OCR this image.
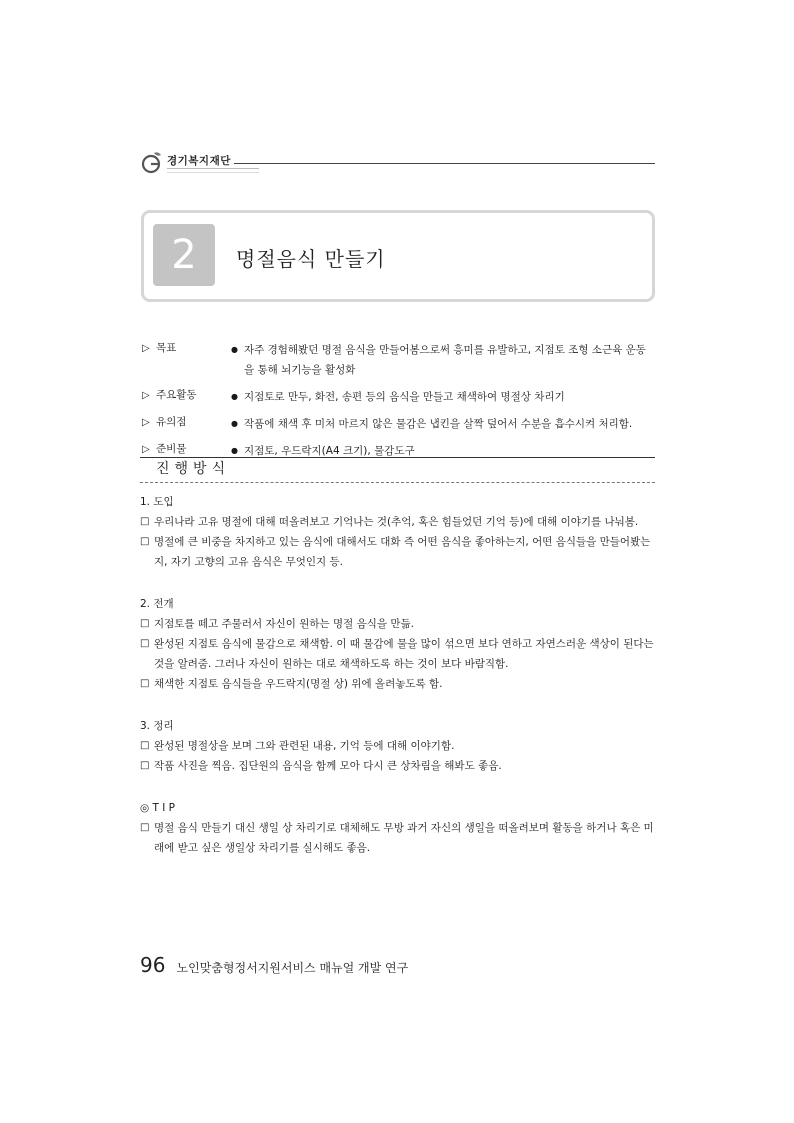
경기복지재단
2	명절음식 만들기
▷ 목표	● 자주 경험해봤던 명절 음식을 만들어봄으로써 흥미를 유발하고, 지점토 조형 소근육 운동을 통해 뇌기능을 활성화
▷ 주요활동	● 지점토로 만두, 화전, 송편 등의 음식을 만들고 채색하여 명절상 차리기
▷ 유의점	● 작품에 채색 후 미처 마르지 않은 물감은 냅킨을 살짝 덮어서 수분을 흡수시켜 처리함.
▷ 준비물	● 지점토, 우드락지(A4 크기), 물감도구
진행방식

1. 도입

□ 우리나라 고유 명절에 대해 떠올려보고 기억나는 것(추억, 혹은 힘들었던 기억 등)에 대해 이야기를 나눠봄.

□ 명절에 큰 비중을 차지하고 있는 음식에 대해서도 대화 즉 어떤 음식을 좋아하는지, 어떤 음식들을 만들어봤는지, 자기 고향의 고유 음식은 무엇인지 등.

2. 전개

□ 지점토를 떼고 주물러서 자신이 원하는 명절 음식을 만듦.

□ 완성된 지점토 음식에 물감으로 채색함. 이 때 물감에 물을 많이 섞으면 보다 연하고 자연스러운 색상이 된다는 것을 알려줌. 그러나 자신이 원하는 대로 채색하도록 하는 것이 보다 바람직함.

□ 채색한 지점토 음식들을 우드락지(명절 상) 위에 올려놓도록 함.

3. 정리

□ 완성된 명절상을 보며 그와 관련된 내용, 기억 등에 대해 이야기함.

□ 작품 사진을 찍음. 집단원의 음식을 함께 모아 다시 큰 상차림을 해봐도 좋음.

◎ T I P

□ 명절 음식 만들기 대신 생일 상 차리기로 대체해도 무방 과거 자신의 생일을 떠올려보며 활동을 하거나 혹은 미래에 받고 싶은 생일상 차리기를 실시해도 좋음.

96 노인맞춤형정서지원서비스 매뉴얼 개발 연구
